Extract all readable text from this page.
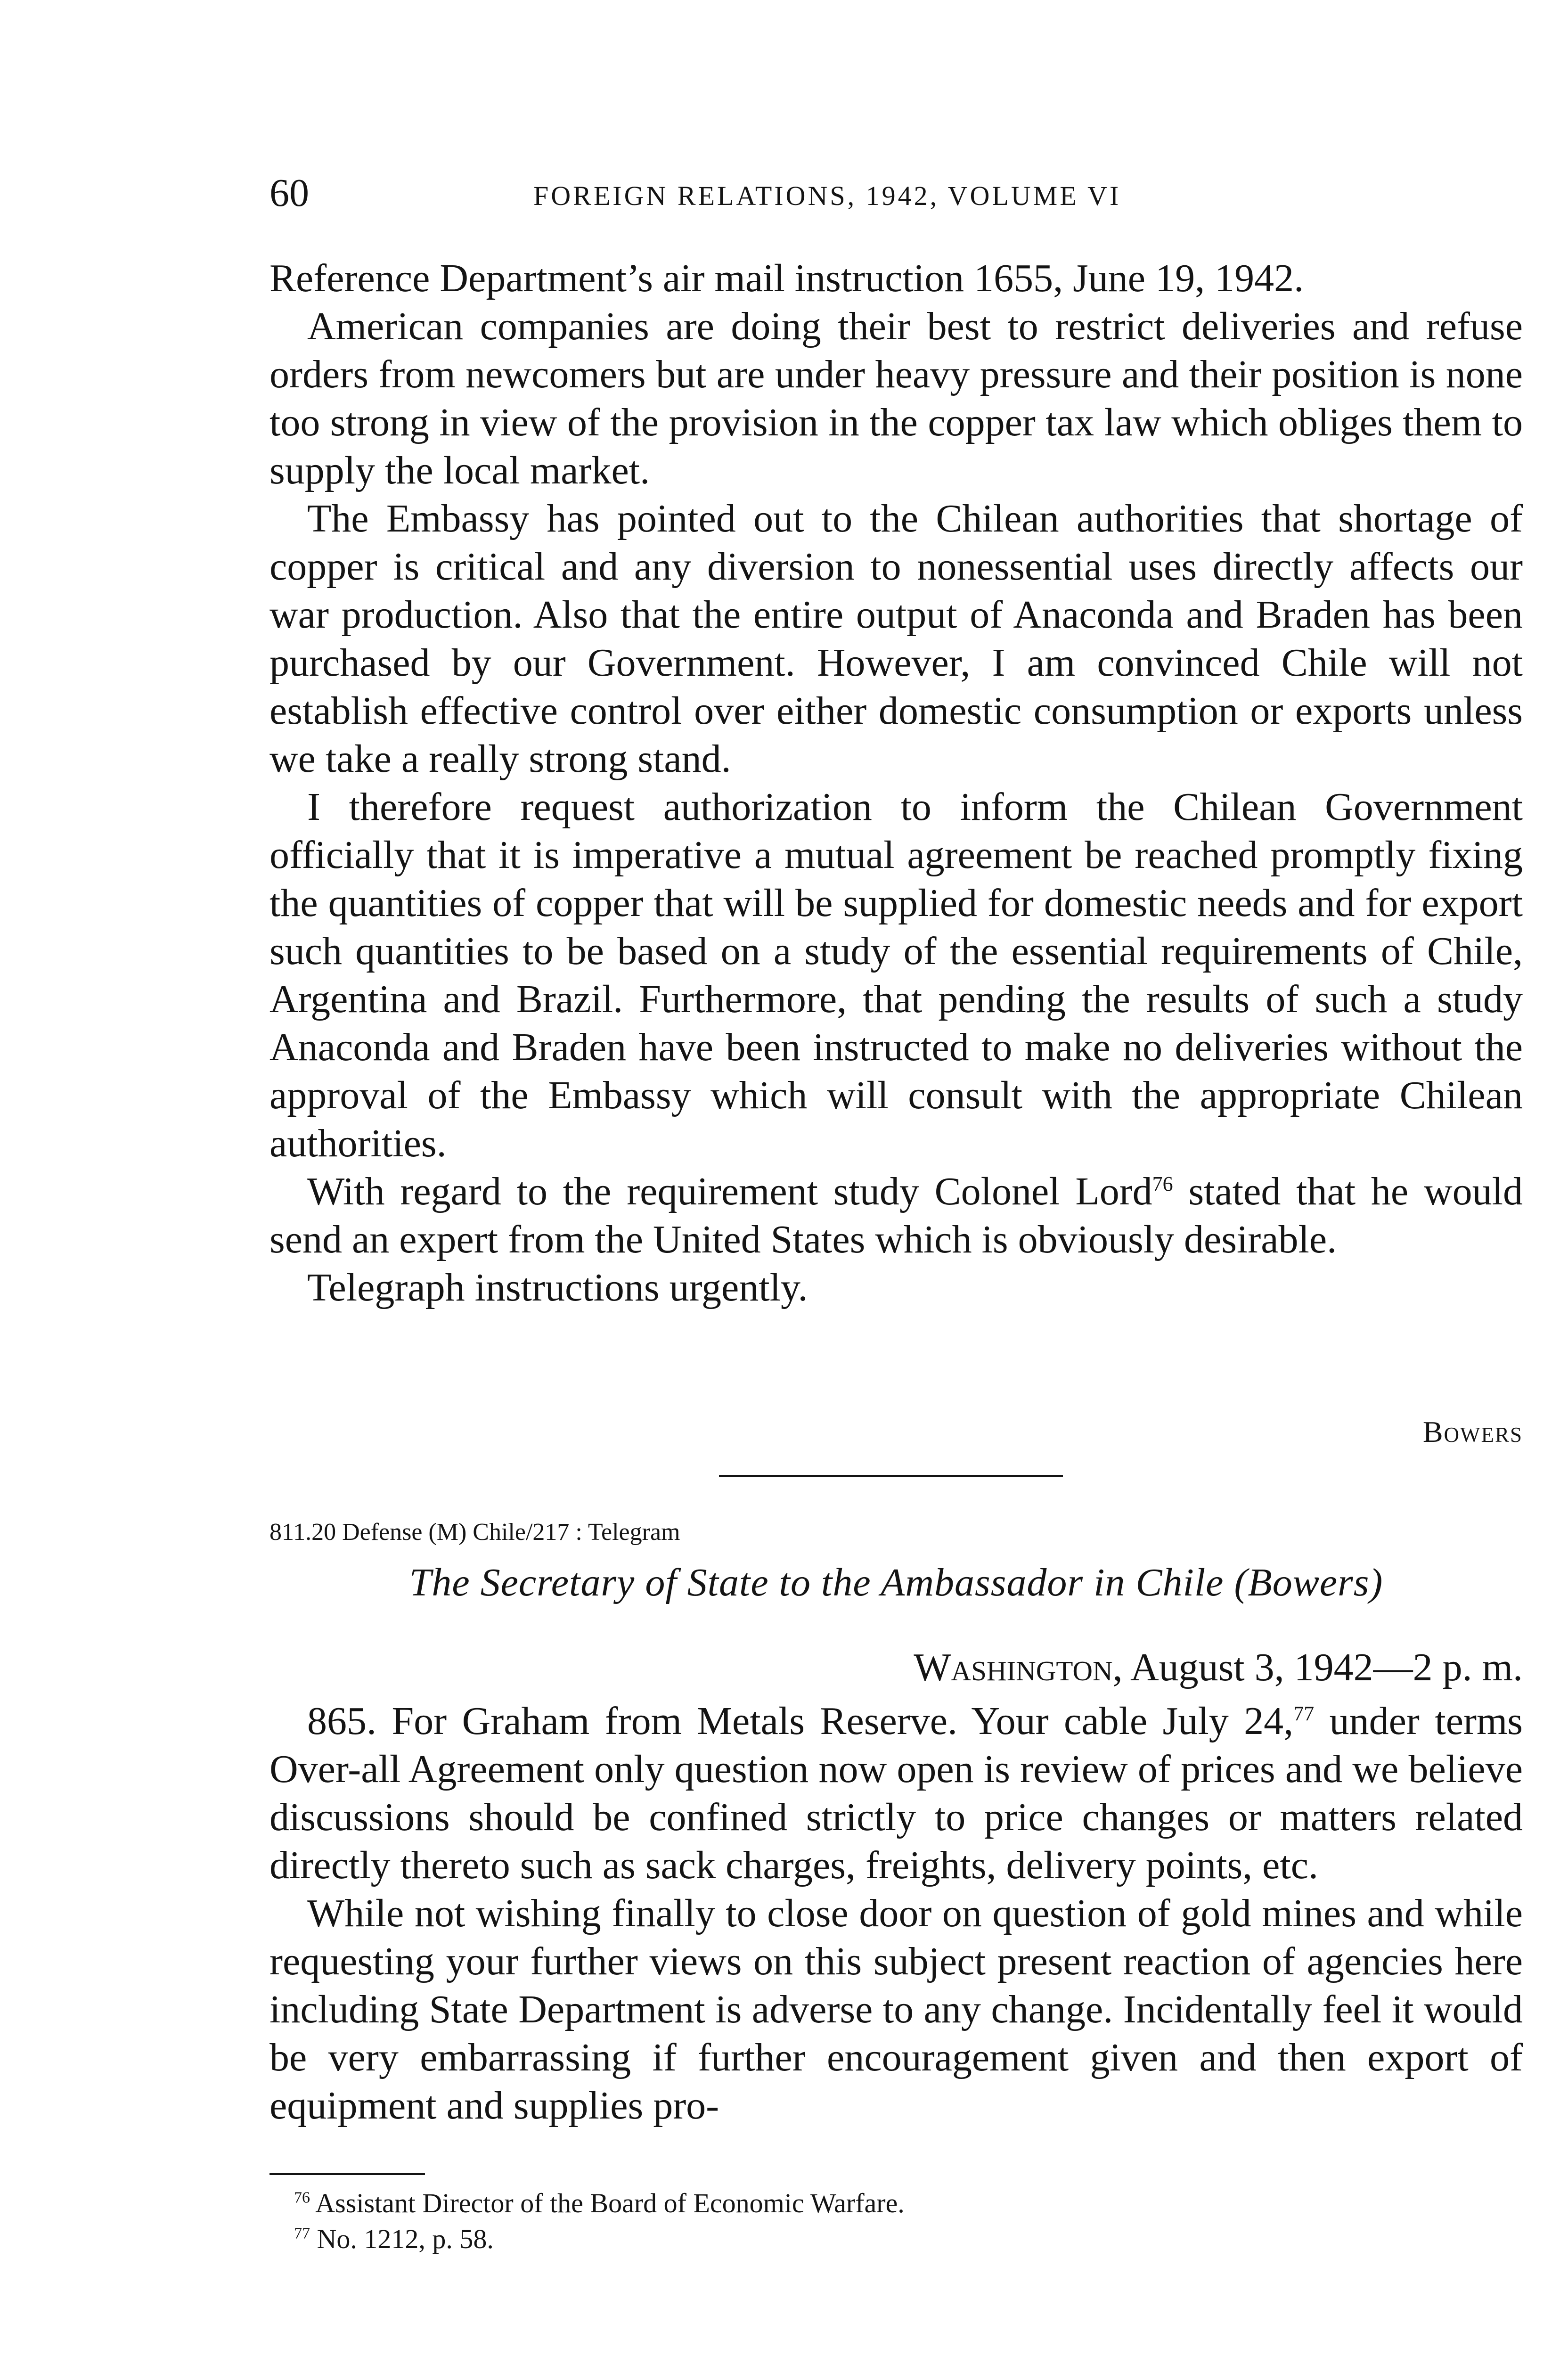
60	FOREIGN RELATIONS, 1942, VOLUME VI

Reference Department’s air mail instruction 1655, June 19, 1942.

American companies are doing their best to restrict deliveries and refuse orders from newcomers but are under heavy pressure and their position is none too strong in view of the provision in the copper tax law which obliges them to supply the local market.

The Embassy has pointed out to the Chilean authorities that shortage of copper is critical and any diversion to nonessential uses directly affects our war production. Also that the entire output of Anaconda and Braden has been purchased by our Government. However, I am convinced Chile will not establish effective control over either domestic consumption or exports unless we take a really strong stand.

I therefore request authorization to inform the Chilean Government officially that it is imperative a mutual agreement be reached promptly fixing the quantities of copper that will be supplied for domestic needs and for export such quantities to be based on a study of the essential requirements of Chile, Argentina and Brazil. Furthermore, that pending the results of such a study Anaconda and Braden have been instructed to make no deliveries without the approval of the Embassy which will consult with the appropriate Chilean authorities.

With regard to the requirement study Colonel Lord$^{76}$ stated that he would send an expert from the United States which is obviously desirable.

Telegraph instructions urgently.

Bowers
811.20 Defense (M) Chile/217 : Telegram
The Secretary of State to the Ambassador in Chile (Bowers)
Washington, August 3, 1942—2 p. m.

865. For Graham from Metals Reserve. Your cable July 24,77 under terms Over-all Agreement only question now open is review of prices and we believe discussions should be confined strictly to price changes or matters related directly thereto such as sack charges, freights, delivery points, etc.

While not wishing finally to close door on question of gold mines and while requesting your further views on this subject present reaction of agencies here including State Department is adverse to any change. Incidentally feel it would be very embarrassing if further encouragement given and then export of equipment and supplies pro-

$^{76}$ Assistant Director of the Board of Economic Warfare.

$^{77}$ No. 1212, p. 58.
